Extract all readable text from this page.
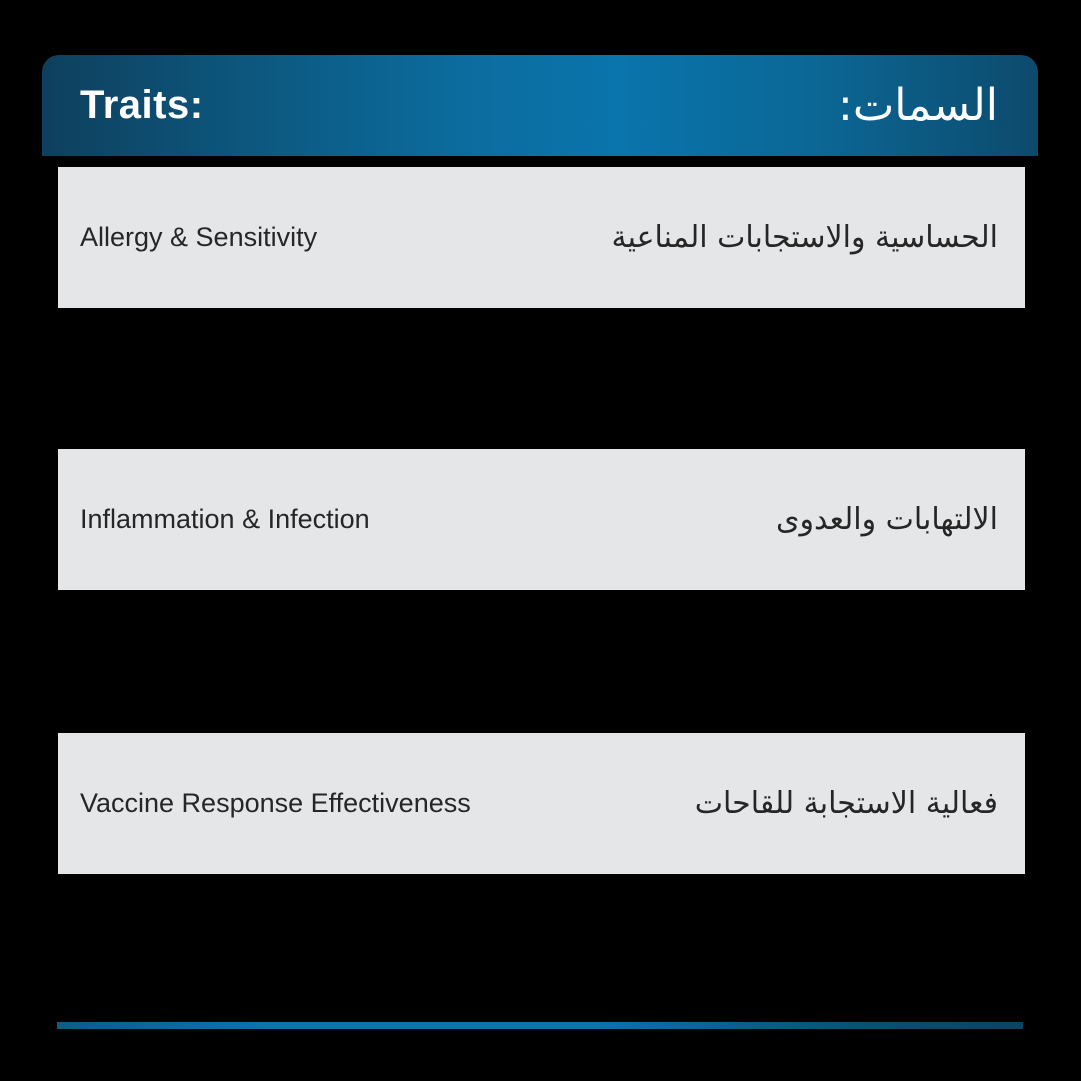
Traits:	السمات:
Allergy & Sensitivity	الحساسية والاستجابات المناعية
Inflammation & Infection	الالتهابات والعدوى
Vaccine Response Effectiveness	فعالية الاستجابة للقاحات
